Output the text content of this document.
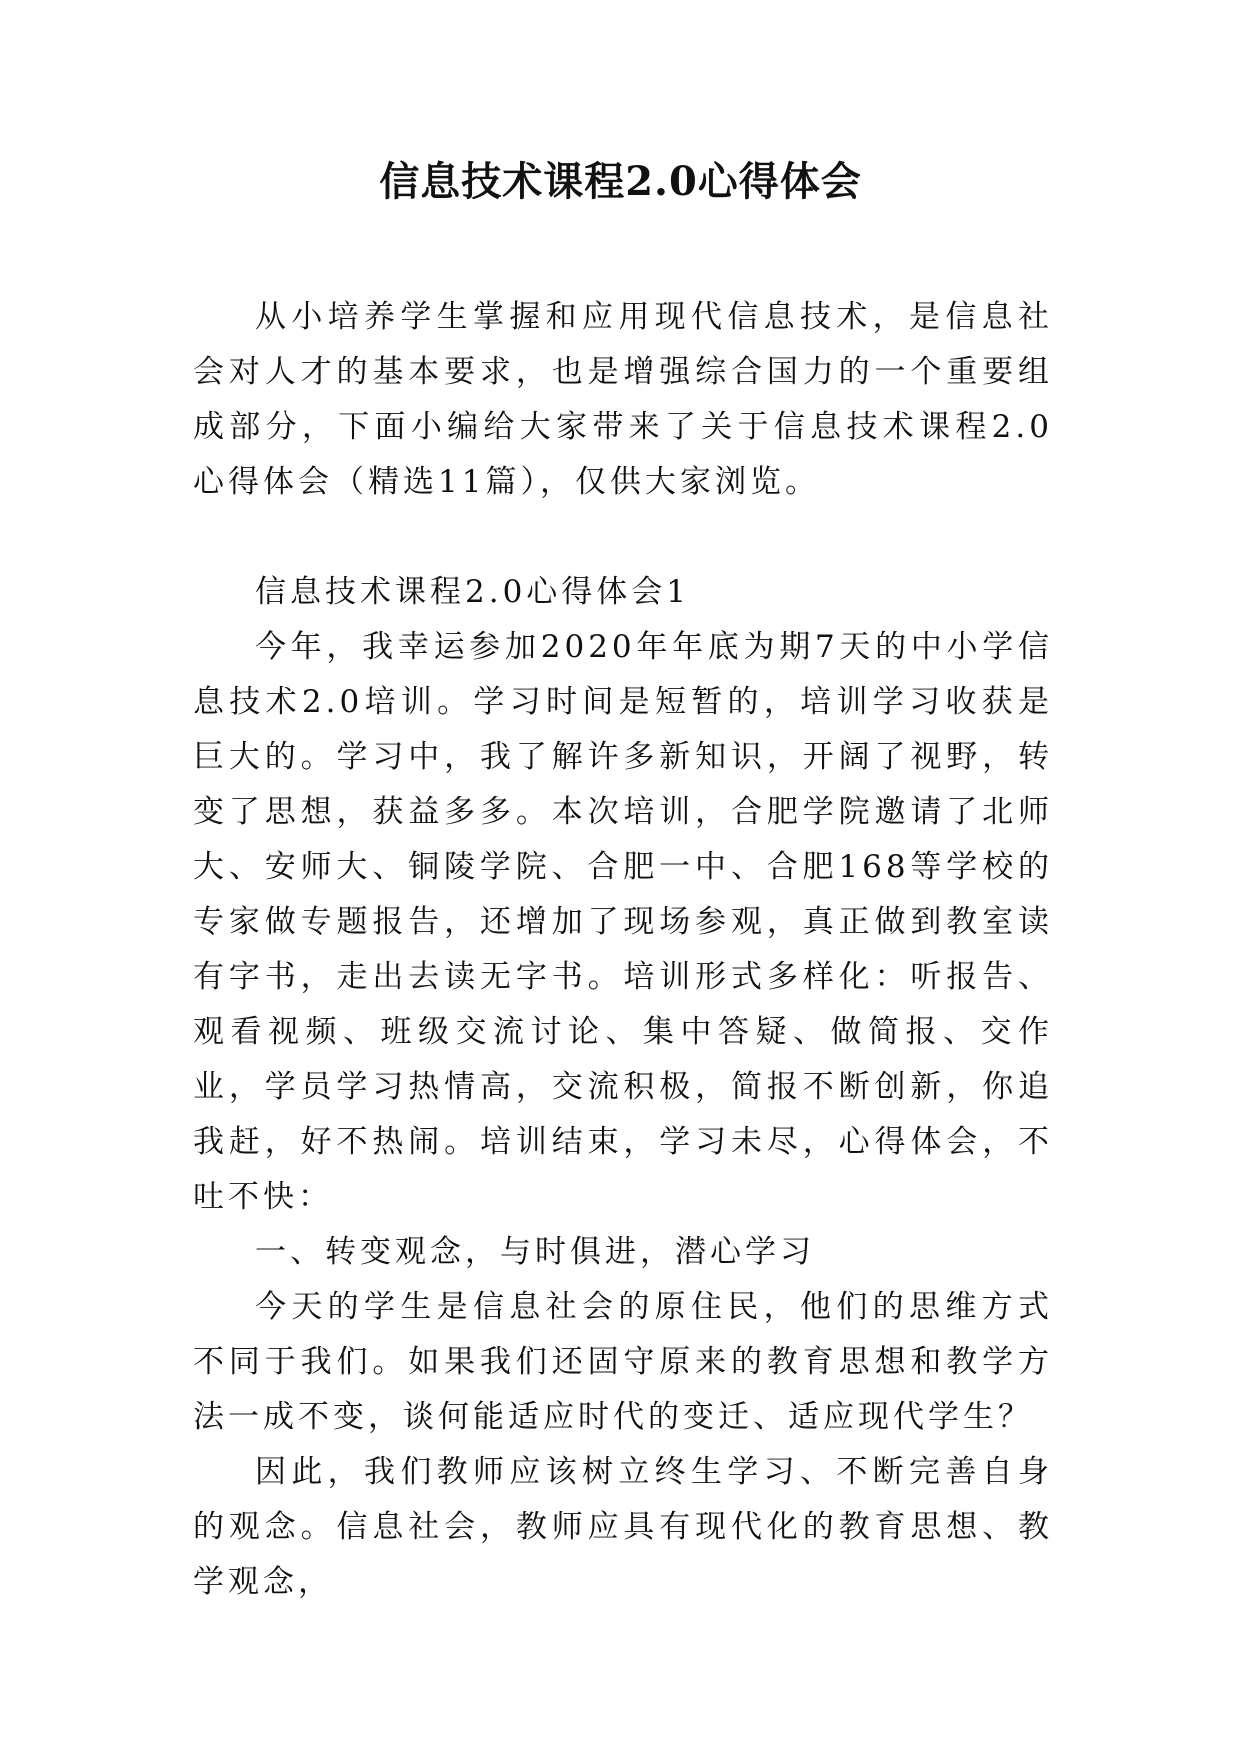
信息技术课程2.0心得体会

从小培养学生掌握和应用现代信息技术，是信息社会对人才的基本要求，也是增强综合国力的一个重要组成部分，下面小编给大家带来了关于信息技术课程2.0心得体会（精选11篇），仅供大家浏览。

信息技术课程2.0心得体会1

今年，我幸运参加2020年年底为期7天的中小学信息技术2.0培训。学习时间是短暂的，培训学习收获是巨大的。学习中，我了解许多新知识，开阔了视野，转变了思想，获益多多。本次培训，合肥学院邀请了北师大、安师大、铜陵学院、合肥一中、合肥168等学校的专家做专题报告，还增加了现场参观，真正做到教室读有字书，走出去读无字书。培训形式多样化：听报告、观看视频、班级交流讨论、集中答疑、做简报、交作业，学员学习热情高，交流积极，简报不断创新，你追我赶，好不热闹。培训结束，学习未尽，心得体会，不吐不快：

一、转变观念，与时俱进，潜心学习

今天的学生是信息社会的原住民，他们的思维方式不同于我们。如果我们还固守原来的教育思想和教学方法一成不变，谈何能适应时代的变迁、适应现代学生？

因此，我们教师应该树立终生学习、不断完善自身的观念。信息社会，教师应具有现代化的教育思想、教学观念，
